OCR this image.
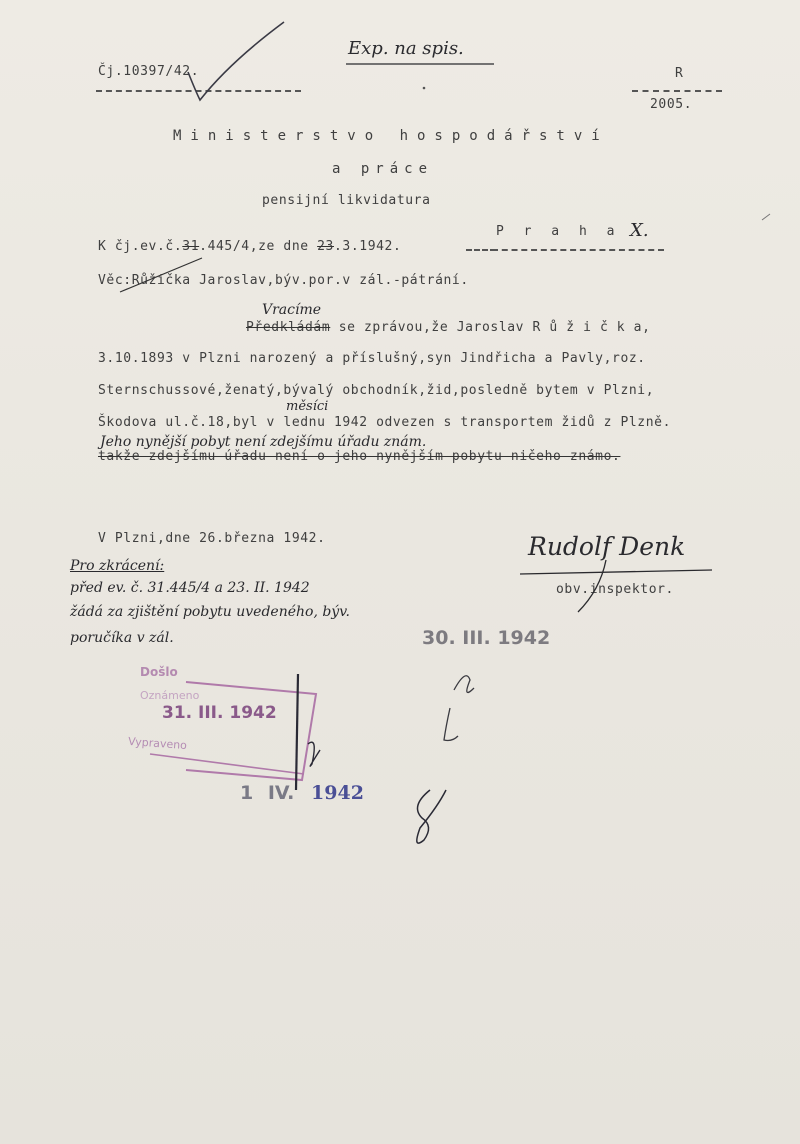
Čj.10397/42.
Exp. na spis.
R
2005.
Ministerstvo hospodářství
a práce
pensijní likvidatura
K čj.ev.č.31.445/4,ze dne 23.3.1942.
P r a h a X.
Věc:Růžička Jaroslav,býv.por.v zál.-pátrání.
Vracíme
Předkládám se zprávou,že Jaroslav R ů ž i č k a,
3.10.1893 v Plzni narozený a příslušný,syn Jindřicha a Pavly,roz.
Sternschussové,ženatý,bývalý obchodník,žid,posledně bytem v Plzni,
měsíci
Škodova ul.č.18,byl v lednu 1942 odvezen s transportem židů z Plzně.
Jeho nynější pobyt není zdejšímu úřadu znám.
takže zdejšímu úřadu není o jeho nynějším pobytu ničeho známo.
V Plzni,dne 26.března 1942.	Rudolf Denk
obv.inspektor.
Pro zkrácení:
před ev. č. 31.445/4 a 23. II. 1942
žádá za zjištění pobytu uvedeného, býv.
poručíka v zál.	30. III. 1942
Došlo
Oznámeno
31. III. 1942
Vypraveno
1 IV. 1942
